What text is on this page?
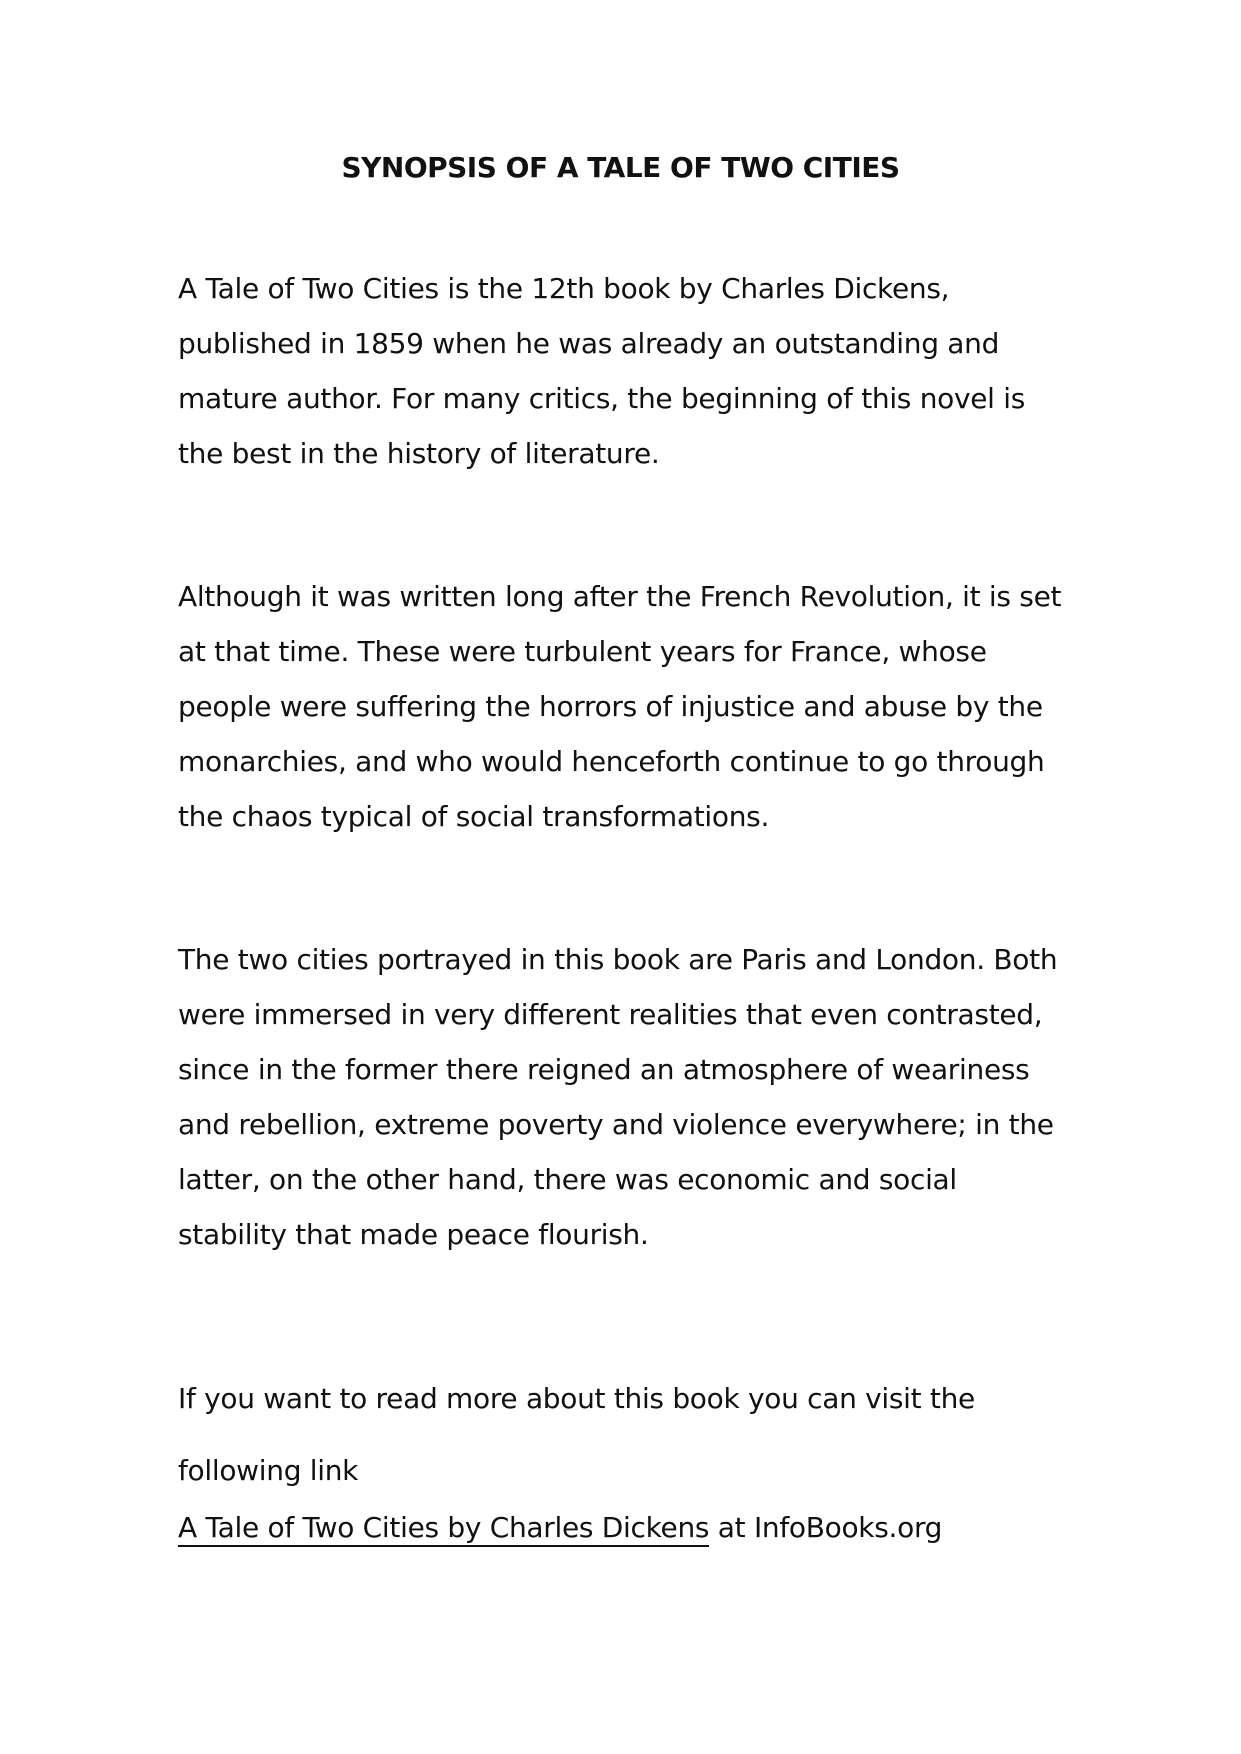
SYNOPSIS OF A TALE OF TWO CITIES

A Tale of Two Cities is the 12th book by Charles Dickens,
published in 1859 when he was already an outstanding and
mature author. For many critics, the beginning of this novel is
the best in the history of literature.

Although it was written long after the French Revolution, it is set
at that time. These were turbulent years for France, whose
people were suffering the horrors of injustice and abuse by the
monarchies, and who would henceforth continue to go through
the chaos typical of social transformations.

The two cities portrayed in this book are Paris and London. Both
were immersed in very different realities that even contrasted,
since in the former there reigned an atmosphere of weariness
and rebellion, extreme poverty and violence everywhere; in the
latter, on the other hand, there was economic and social
stability that made peace flourish.

If you want to read more about this book you can visit the
following link

A Tale of Two Cities by Charles Dickens at InfoBooks.org
